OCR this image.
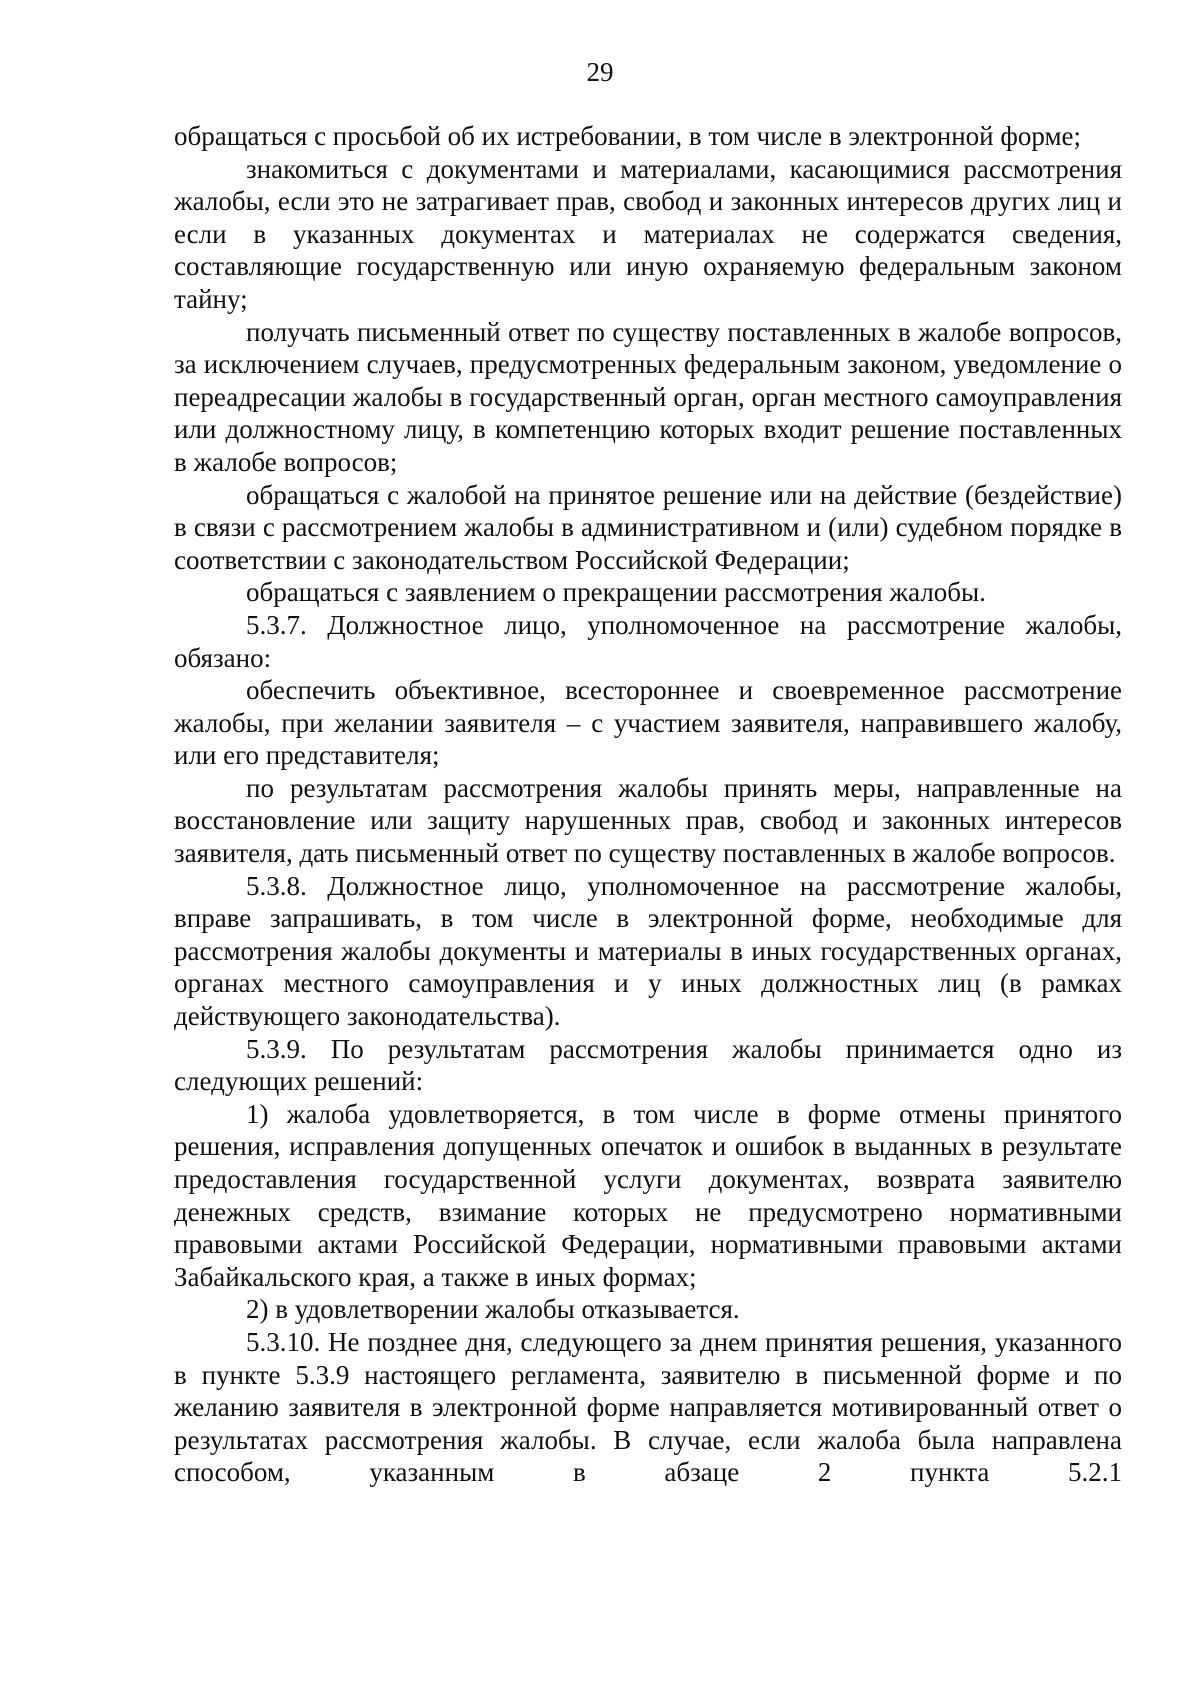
29

обращаться с просьбой об их истребовании, в том числе в электронной форме;

знакомиться с документами и материалами, касающимися рассмотрения жалобы, если это не затрагивает прав, свобод и законных интересов других лиц и если в указанных документах и материалах не содержатся сведения, составляющие государственную или иную охраняемую федеральным законом тайну;

получать письменный ответ по существу поставленных в жалобе вопросов, за исключением случаев, предусмотренных федеральным законом, уведомление о переадресации жалобы в государственный орган, орган местного самоуправления или должностному лицу, в компетенцию которых входит решение поставленных в жалобе вопросов;

обращаться с жалобой на принятое решение или на действие (бездействие) в связи с рассмотрением жалобы в административном и (или) судебном порядке в соответствии с законодательством Российской Федерации;

обращаться с заявлением о прекращении рассмотрения жалобы.

5.3.7. Должностное лицо, уполномоченное на рассмотрение жалобы, обязано:

обеспечить объективное, всестороннее и своевременное рассмотрение жалобы, при желании заявителя – с участием заявителя, направившего жалобу, или его представителя;

по результатам рассмотрения жалобы принять меры, направленные на восстановление или защиту нарушенных прав, свобод и законных интересов заявителя, дать письменный ответ по существу поставленных в жалобе вопросов.

5.3.8. Должностное лицо, уполномоченное на рассмотрение жалобы, вправе запрашивать, в том числе в электронной форме, необходимые для рассмотрения жалобы документы и материалы в иных государственных органах, органах местного самоуправления и у иных должностных лиц (в рамках действующего законодательства).

5.3.9. По результатам рассмотрения жалобы принимается одно из следующих решений:

1) жалоба удовлетворяется, в том числе в форме отмены принятого решения, исправления допущенных опечаток и ошибок в выданных в результате предоставления государственной услуги документах, возврата заявителю денежных средств, взимание которых не предусмотрено нормативными правовыми актами Российской Федерации, нормативными правовыми актами Забайкальского края, а также в иных формах;

2) в удовлетворении жалобы отказывается.

5.3.10. Не позднее дня, следующего за днем принятия решения, указанного в пункте 5.3.9 настоящего регламента, заявителю в письменной форме и по желанию заявителя в электронной форме направляется мотивированный ответ о результатах рассмотрения жалобы. В случае, если жалоба была направлена способом, указанным в абзаце 2 пункта 5.2.1
